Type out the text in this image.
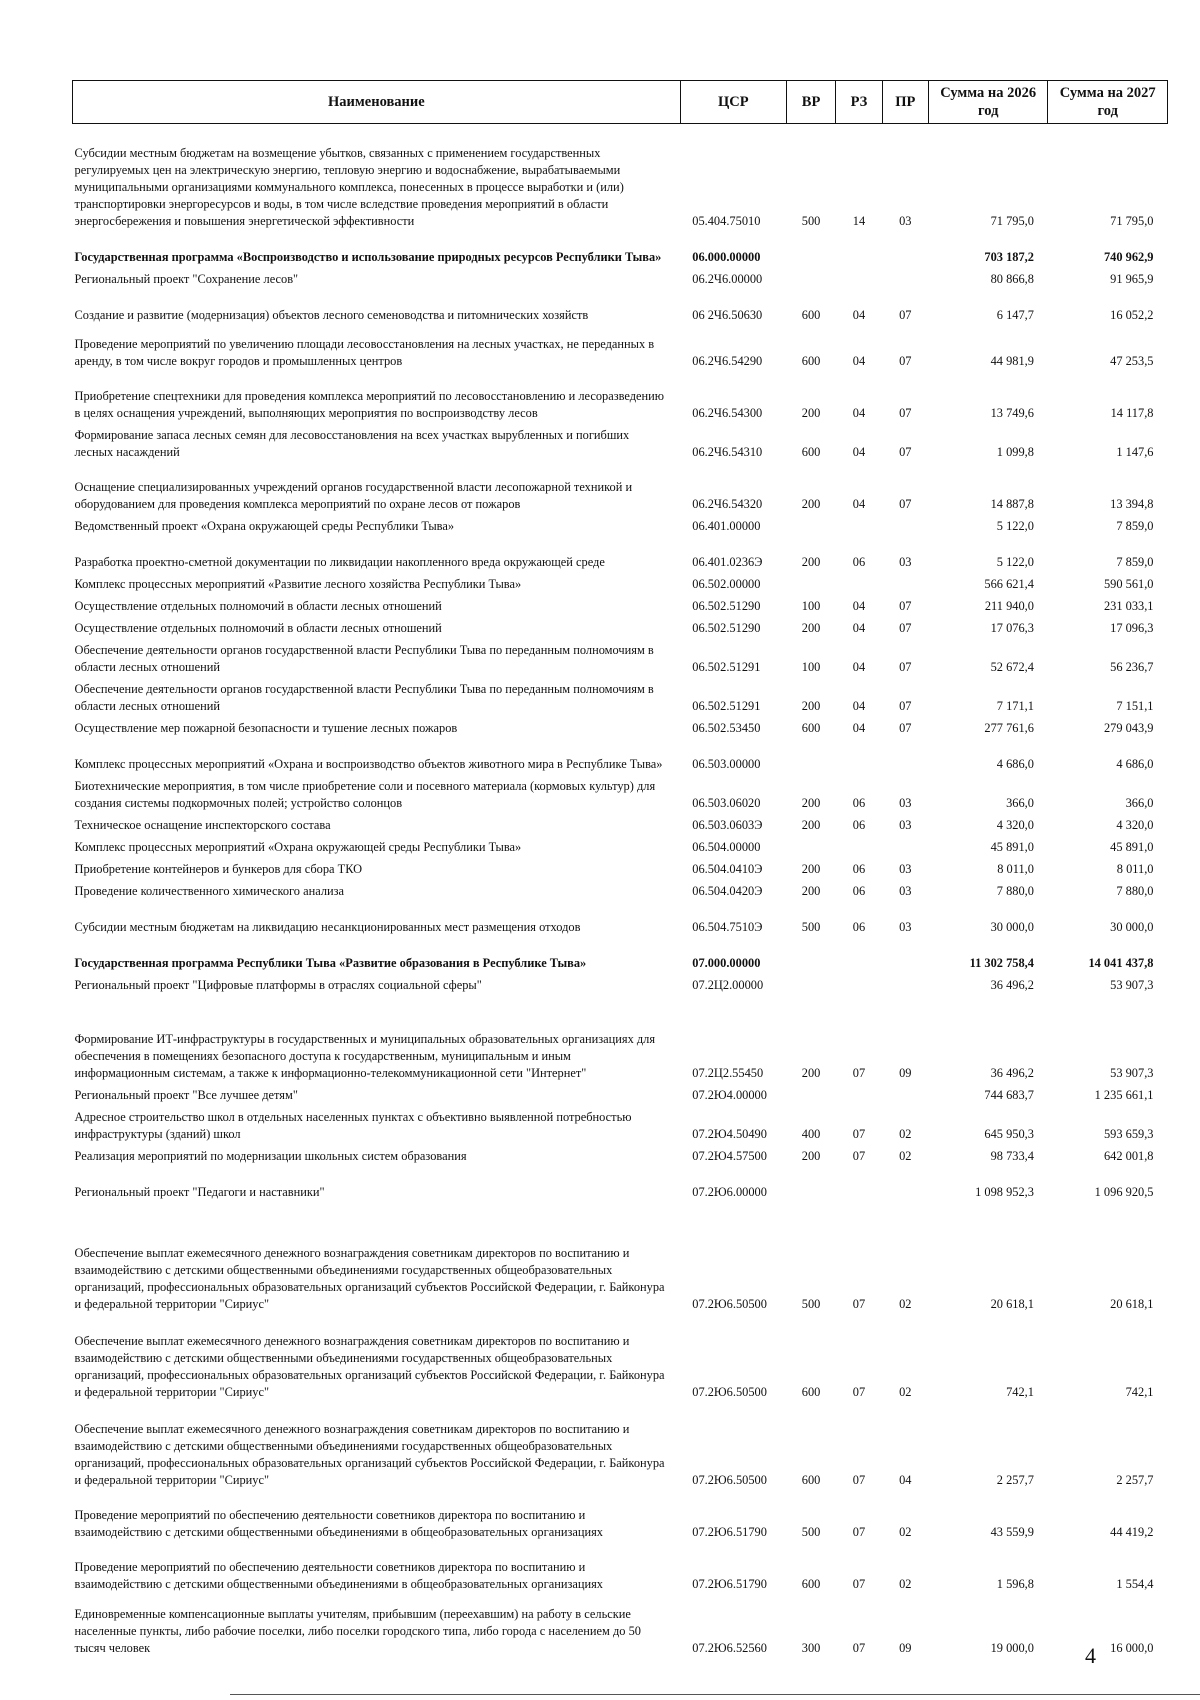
Наименование	ЦСР	ВР	РЗ	ПР	Сумма на 2026 год	Сумма на 2027 год
Субсидии местным бюджетам на возмещение убытков, связанных с применением государственных регулируемых цен на электрическую энергию, тепловую энергию и водоснабжение, вырабатываемыми муниципальными организациями коммунального комплекса, понесенных в процессе выработки и (или) транспортировки энергоресурсов и воды, в том числе вследствие проведения мероприятий в области энергосбережения и повышения энергетической эффективности	05.404.75010	500	14	03	71 795,0	71 795,0
Государственная программа «Воспроизводство и использование природных ресурсов Республики Тыва»	06.000.00000				703 187,2	740 962,9
Региональный проект "Сохранение лесов"	06.2Ч6.00000				80 866,8	91 965,9
Создание и развитие (модернизация) объектов лесного семеноводства и питомнических хозяйств	06 2Ч6.50630	600	04	07	6 147,7	16 052,2
Проведение мероприятий по увеличению площади лесовосстановления на лесных участках, не переданных в аренду, в том числе вокруг городов и промышленных центров	06.2Ч6.54290	600	04	07	44 981,9	47 253,5
Приобретение спецтехники для проведения комплекса мероприятий по лесовосстановлению и лесоразведению в целях оснащения учреждений, выполняющих мероприятия по воспроизводству лесов	06.2Ч6.54300	200	04	07	13 749,6	14 117,8
Формирование запаса лесных семян для лесовосстановления на всех участках вырубленных и погибших лесных насаждений	06.2Ч6.54310	600	04	07	1 099,8	1 147,6
Оснащение специализированных учреждений органов государственной власти лесопожарной техникой и оборудованием для проведения комплекса мероприятий по охране лесов от пожаров	06.2Ч6.54320	200	04	07	14 887,8	13 394,8
Ведомственный проект «Охрана окружающей среды Республики Тыва»	06.401.00000				5 122,0	7 859,0
Разработка проектно-сметной документации по ликвидации накопленного вреда окружающей среде	06.401.0236Э	200	06	03	5 122,0	7 859,0
Комплекс процессных мероприятий «Развитие лесного хозяйства Республики Тыва»	06.502.00000				566 621,4	590 561,0
Осуществление отдельных полномочий в области лесных отношений	06.502.51290	100	04	07	211 940,0	231 033,1
Осуществление отдельных полномочий в области лесных отношений	06.502.51290	200	04	07	17 076,3	17 096,3
Обеспечение деятельности органов государственной власти Республики Тыва по переданным полномочиям в области лесных отношений	06.502.51291	100	04	07	52 672,4	56 236,7
Обеспечение деятельности органов государственной власти Республики Тыва по переданным полномочиям в области лесных отношений	06.502.51291	200	04	07	7 171,1	7 151,1
Осуществление мер пожарной безопасности и тушение лесных пожаров	06.502.53450	600	04	07	277 761,6	279 043,9
Комплекс процессных мероприятий «Охрана и воспроизводство объектов животного мира в Республике Тыва»	06.503.00000				4 686,0	4 686,0
Биотехнические мероприятия, в том числе приобретение соли и посевного материала (кормовых культур) для создания системы подкормочных полей; устройство солонцов	06.503.06020	200	06	03	366,0	366,0
Техническое оснащение инспекторского состава	06.503.0603Э	200	06	03	4 320,0	4 320,0
Комплекс процессных мероприятий «Охрана окружающей среды Республики Тыва»	06.504.00000				45 891,0	45 891,0
Приобретение контейнеров и бункеров для сбора ТКО	06.504.0410Э	200	06	03	8 011,0	8 011,0
Проведение количественного химического анализа	06.504.0420Э	200	06	03	7 880,0	7 880,0
Субсидии местным бюджетам на ликвидацию несанкционированных мест размещения отходов	06.504.7510Э	500	06	03	30 000,0	30 000,0
Государственная программа Республики Тыва «Развитие образования в Республике Тыва»	07.000.00000				11 302 758,4	14 041 437,8
Региональный проект "Цифровые платформы в отраслях социальной сферы"	07.2Ц2.00000				36 496,2	53 907,3
Формирование ИТ-инфраструктуры в государственных и муниципальных образовательных организациях для обеспечения в помещениях безопасного доступа к государственным, муниципальным и иным информационным системам, а также к информационно-телекоммуникационной сети "Интернет"	07.2Ц2.55450	200	07	09	36 496,2	53 907,3
Региональный проект "Все лучшее детям"	07.2Ю4.00000				744 683,7	1 235 661,1
Адресное строительство школ в отдельных населенных пунктах с объективно выявленной потребностью инфраструктуры (зданий) школ	07.2Ю4.50490	400	07	02	645 950,3	593 659,3
Реализация мероприятий по модернизации школьных систем образования	07.2Ю4.57500	200	07	02	98 733,4	642 001,8
Региональный проект "Педагоги и наставники"	07.2Ю6.00000				1 098 952,3	1 096 920,5
Обеспечение выплат ежемесячного денежного вознаграждения советникам директоров по воспитанию и взаимодействию с детскими общественными объединениями государственных общеобразовательных организаций, профессиональных образовательных организаций субъектов Российской Федерации, г. Байконура и федеральной территории "Сириус"	07.2Ю6.50500	500	07	02	20 618,1	20 618,1
Обеспечение выплат ежемесячного денежного вознаграждения советникам директоров по воспитанию и взаимодействию с детскими общественными объединениями государственных общеобразовательных организаций, профессиональных образовательных организаций субъектов Российской Федерации, г. Байконура и федеральной территории "Сириус"	07.2Ю6.50500	600	07	02	742,1	742,1
Обеспечение выплат ежемесячного денежного вознаграждения советникам директоров по воспитанию и взаимодействию с детскими общественными объединениями государственных общеобразовательных организаций, профессиональных образовательных организаций субъектов Российской Федерации, г. Байконура и федеральной территории "Сириус"	07.2Ю6.50500	600	07	04	2 257,7	2 257,7
Проведение мероприятий по обеспечению деятельности советников директора по воспитанию и взаимодействию с детскими общественными объединениями в общеобразовательных организациях	07.2Ю6.51790	500	07	02	43 559,9	44 419,2
Проведение мероприятий по обеспечению деятельности советников директора по воспитанию и взаимодействию с детскими общественными объединениями в общеобразовательных организациях	07.2Ю6.51790	600	07	02	1 596,8	1 554,4
Единовременные компенсационные выплаты учителям, прибывшим (переехавшим) на работу в сельские населенные пункты, либо рабочие поселки, либо поселки городского типа, либо города с населением до 50 тысяч человек	07.2Ю6.52560	300	07	09	19 000,0	16 000,0
4
